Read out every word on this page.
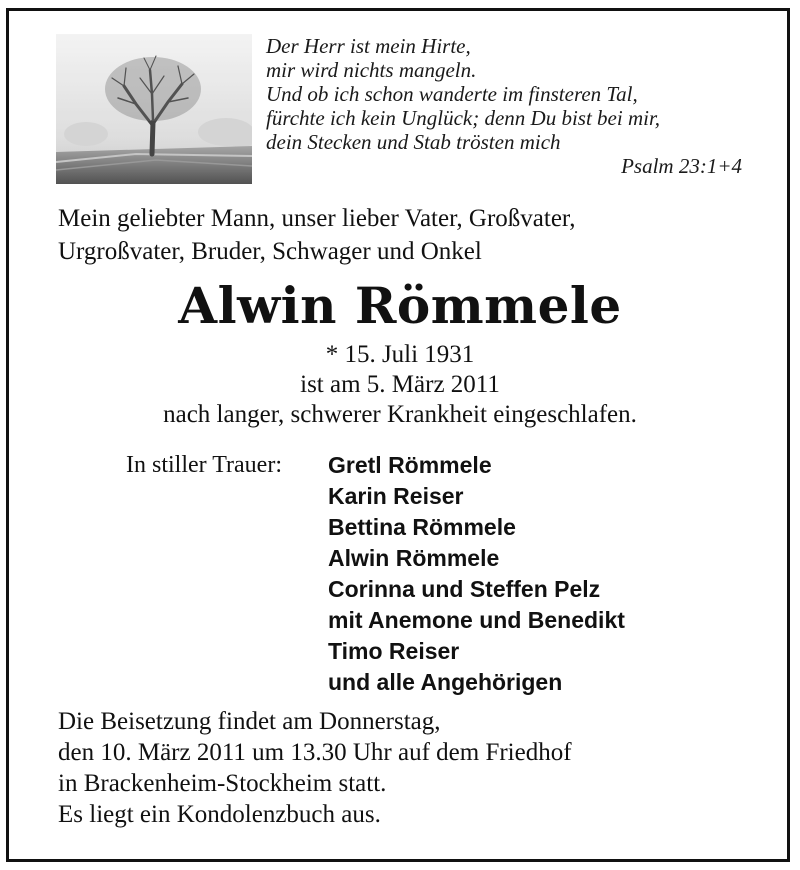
Der Herr ist mein Hirte,
mir wird nichts mangeln.
Und ob ich schon wanderte im finsteren Tal,
fürchte ich kein Unglück; denn Du bist bei mir,
dein Stecken und Stab trösten mich
Psalm 23:1+4
Mein geliebter Mann, unser lieber Vater, Großvater,
Urgroßvater, Bruder, Schwager und Onkel
Alwin Römmele
* 15. Juli 1931
ist am 5. März 2011
nach langer, schwerer Krankheit eingeschlafen.
In stiller Trauer: Gretl Römmele
Karin Reiser
Bettina Römmele
Alwin Römmele
Corinna und Steffen Pelz
mit Anemone und Benedikt
Timo Reiser
und alle Angehörigen
Die Beisetzung findet am Donnerstag,
den 10. März 2011 um 13.30 Uhr auf dem Friedhof
in Brackenheim-Stockheim statt.
Es liegt ein Kondolenzbuch aus.
